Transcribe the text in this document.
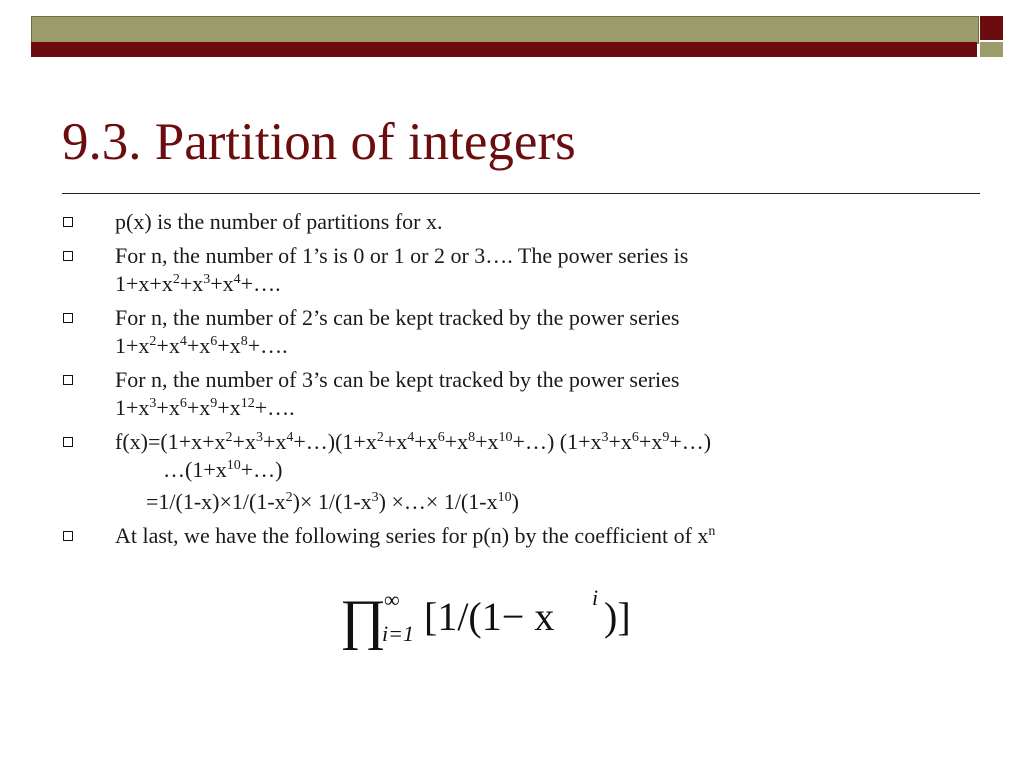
9.3. Partition of integers
p(x) is the number of partitions for x.
For n, the number of 1’s is 0 or 1 or 2 or 3…. The power series is
$1+x+x^2+x^3+x^4+\dots$.
For n, the number of 2’s can be kept tracked by the power series
$1+x^2+x^4+x^6+x^8+\dots$.
For n, the number of 3’s can be kept tracked by the power series
$1+x^3+x^6+x^9+x^{12}+\dots$.
$f(x)=(1+x+x^2+x^3+x^4+\dots)(1+x^2+x^4+x^6+x^8+x^{10}+\dots)$ $(1+x^3+x^6+x^9+\dots)$
$\dots(1+x^{10}+\dots)$
$=1/(1-x)\times 1/(1-x^2)\times 1/(1-x^3)$ ×…× $1/(1-x^{10})$
At last, we have the following series for p(n) by the coefficient of $x^n$
∏
∞
i=1 [1/(1− x i )]
